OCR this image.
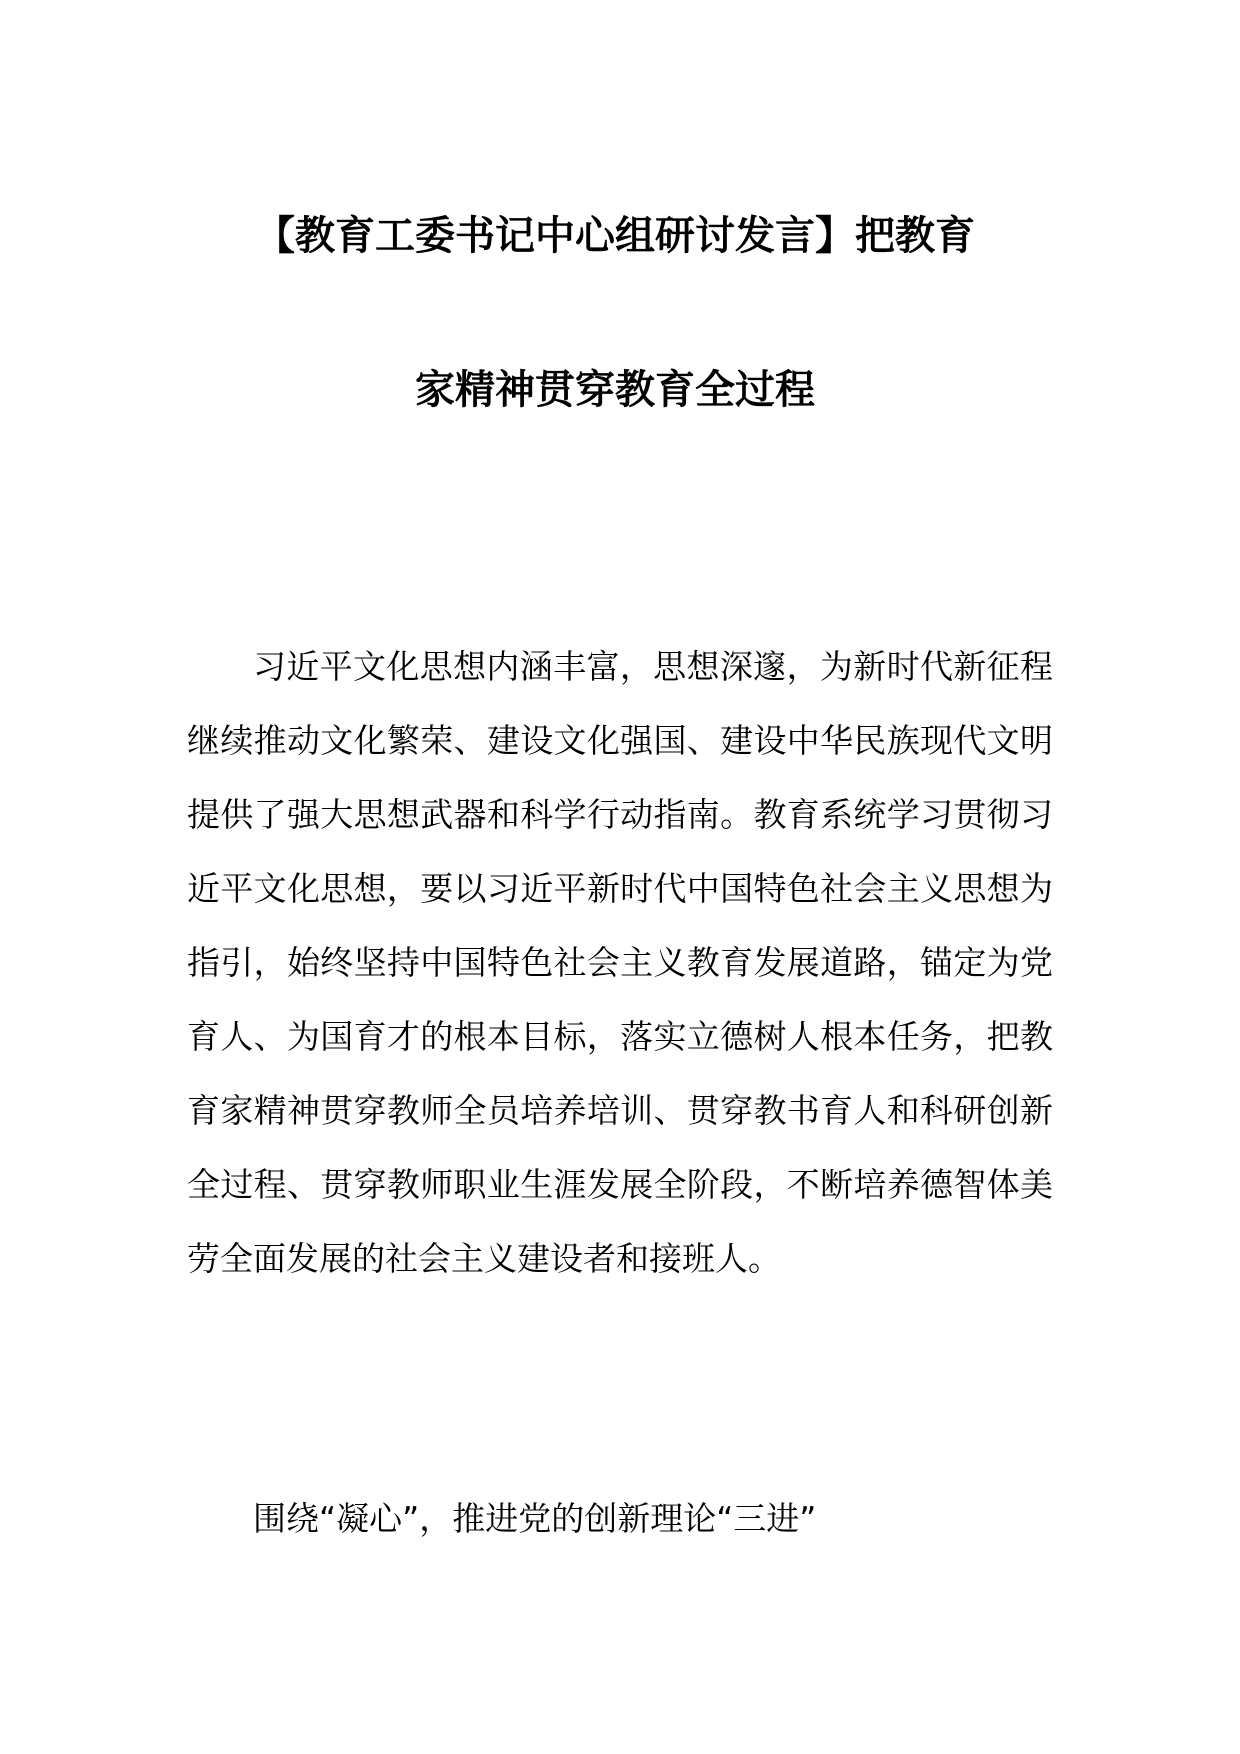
【教育工委书记中心组研讨发言】把教育
家精神贯穿教育全过程

习近平文化思想内涵丰富，思想深邃，为新时代新征程继续推动文化繁荣、建设文化强国、建设中华民族现代文明提供了强大思想武器和科学行动指南。教育系统学习贯彻习近平文化思想，要以习近平新时代中国特色社会主义思想为指引，始终坚持中国特色社会主义教育发展道路，锚定为党育人、为国育才的根本目标，落实立德树人根本任务，把教育家精神贯穿教师全员培养培训、贯穿教书育人和科研创新全过程、贯穿教师职业生涯发展全阶段，不断培养德智体美劳全面发展的社会主义建设者和接班人。

围绕“凝心”，推进党的创新理论“三进”
